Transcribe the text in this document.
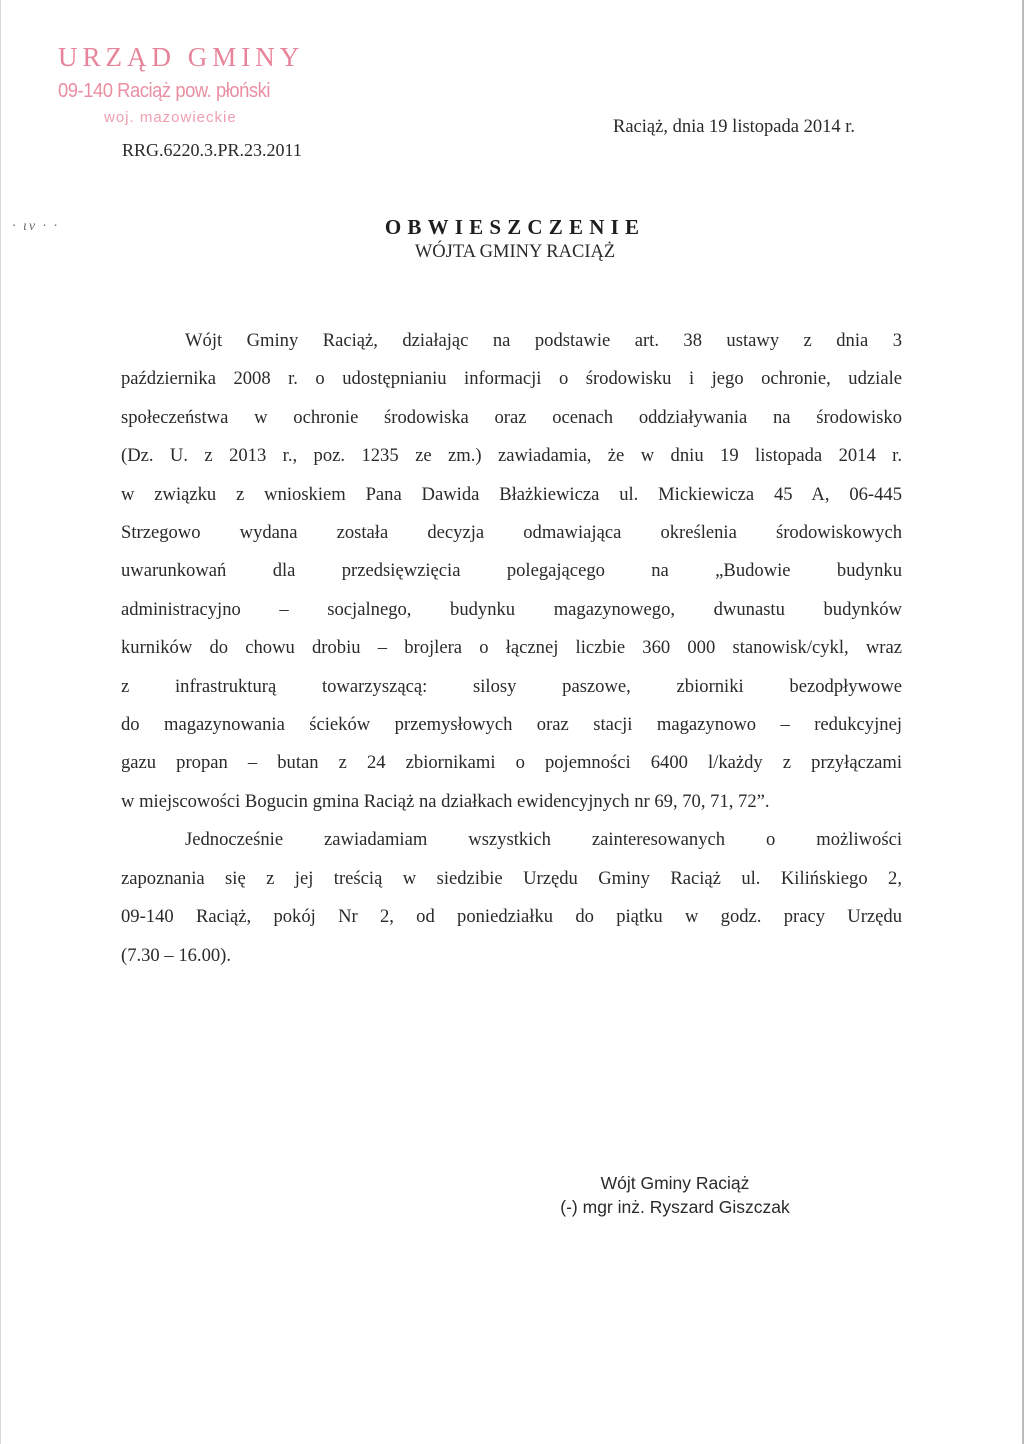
URZĄD GMINY
09-140 Raciąż pow. płoński
woj. mazowieckie
RRG.6220.3.PR.23.2011
Raciąż, dnia 19 listopada 2014 r.
· ιν · ·	OBWIESZCZENIE
WÓJTA GMINY RACIĄŻ

Wójt Gminy Raciąż, działając na podstawie art. 38 ustawy z dnia 3
października 2008 r. o udostępnianiu informacji o środowisku i jego ochronie, udziale
społeczeństwa w ochronie środowiska oraz ocenach oddziaływania na środowisko
(Dz. U. z 2013 r., poz. 1235 ze zm.) zawiadamia, że w dniu 19 listopada 2014 r.
w związku z wnioskiem Pana Dawida Błażkiewicza ul. Mickiewicza 45 A, 06-445
Strzegowo wydana została decyzja odmawiająca określenia środowiskowych
uwarunkowań dla przedsięwzięcia polegającego na „Budowie budynku
administracyjno – socjalnego, budynku magazynowego, dwunastu budynków
kurników do chowu drobiu – brojlera o łącznej liczbie 360 000 stanowisk/cykl, wraz
z infrastrukturą towarzyszącą: silosy paszowe, zbiorniki bezodpływowe
do magazynowania ścieków przemysłowych oraz stacji magazynowo – redukcyjnej
gazu propan – butan z 24 zbiornikami o pojemności 6400 l/każdy z przyłączami
w miejscowości Bogucin gmina Raciąż na działkach ewidencyjnych nr 69, 70, 71, 72”.

Jednocześnie zawiadamiam wszystkich zainteresowanych o możliwości
zapoznania się z jej treścią w siedzibie Urzędu Gminy Raciąż ul. Kilińskiego 2,
09-140 Raciąż, pokój Nr 2, od poniedziałku do piątku w godz. pracy Urzędu
(7.30 – 16.00).

Wójt Gminy Raciąż
(-) mgr inż. Ryszard Giszczak
